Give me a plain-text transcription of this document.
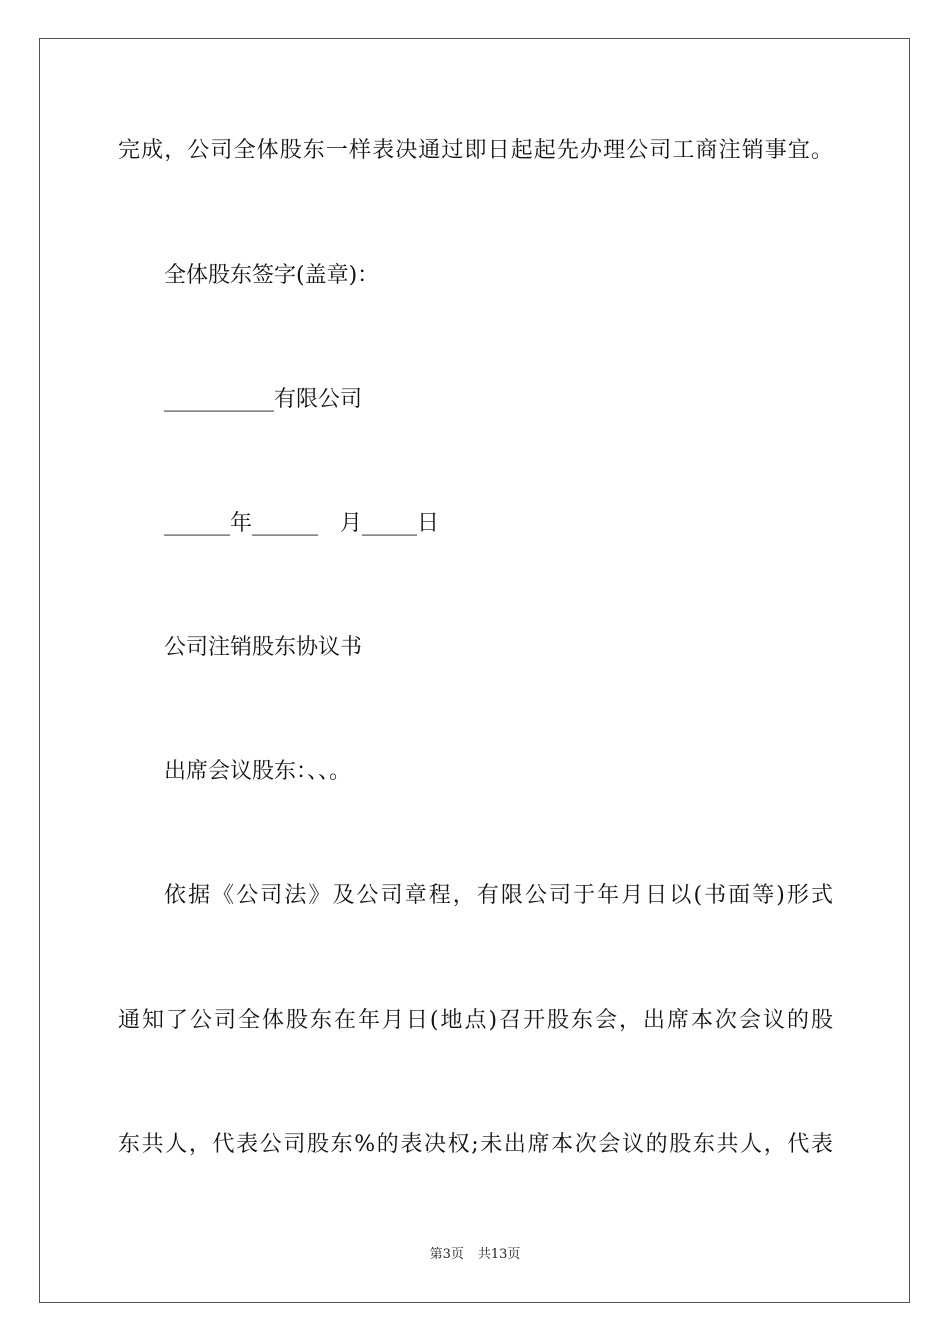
完成，公司全体股东一样表决通过即日起起先办理公司工商注销事宜。
全体股东签字(盖章)：
__________有限公司
______年______　月_____日
公司注销股东协议书
出席会议股东：、、。
依据《公司法》及公司章程，有限公司于年月日以(书面等)形式
通知了公司全体股东在年月日(地点)召开股东会，出席本次会议的股
东共人，代表公司股东%的表决权;未出席本次会议的股东共人，代表
第3页 共13页
